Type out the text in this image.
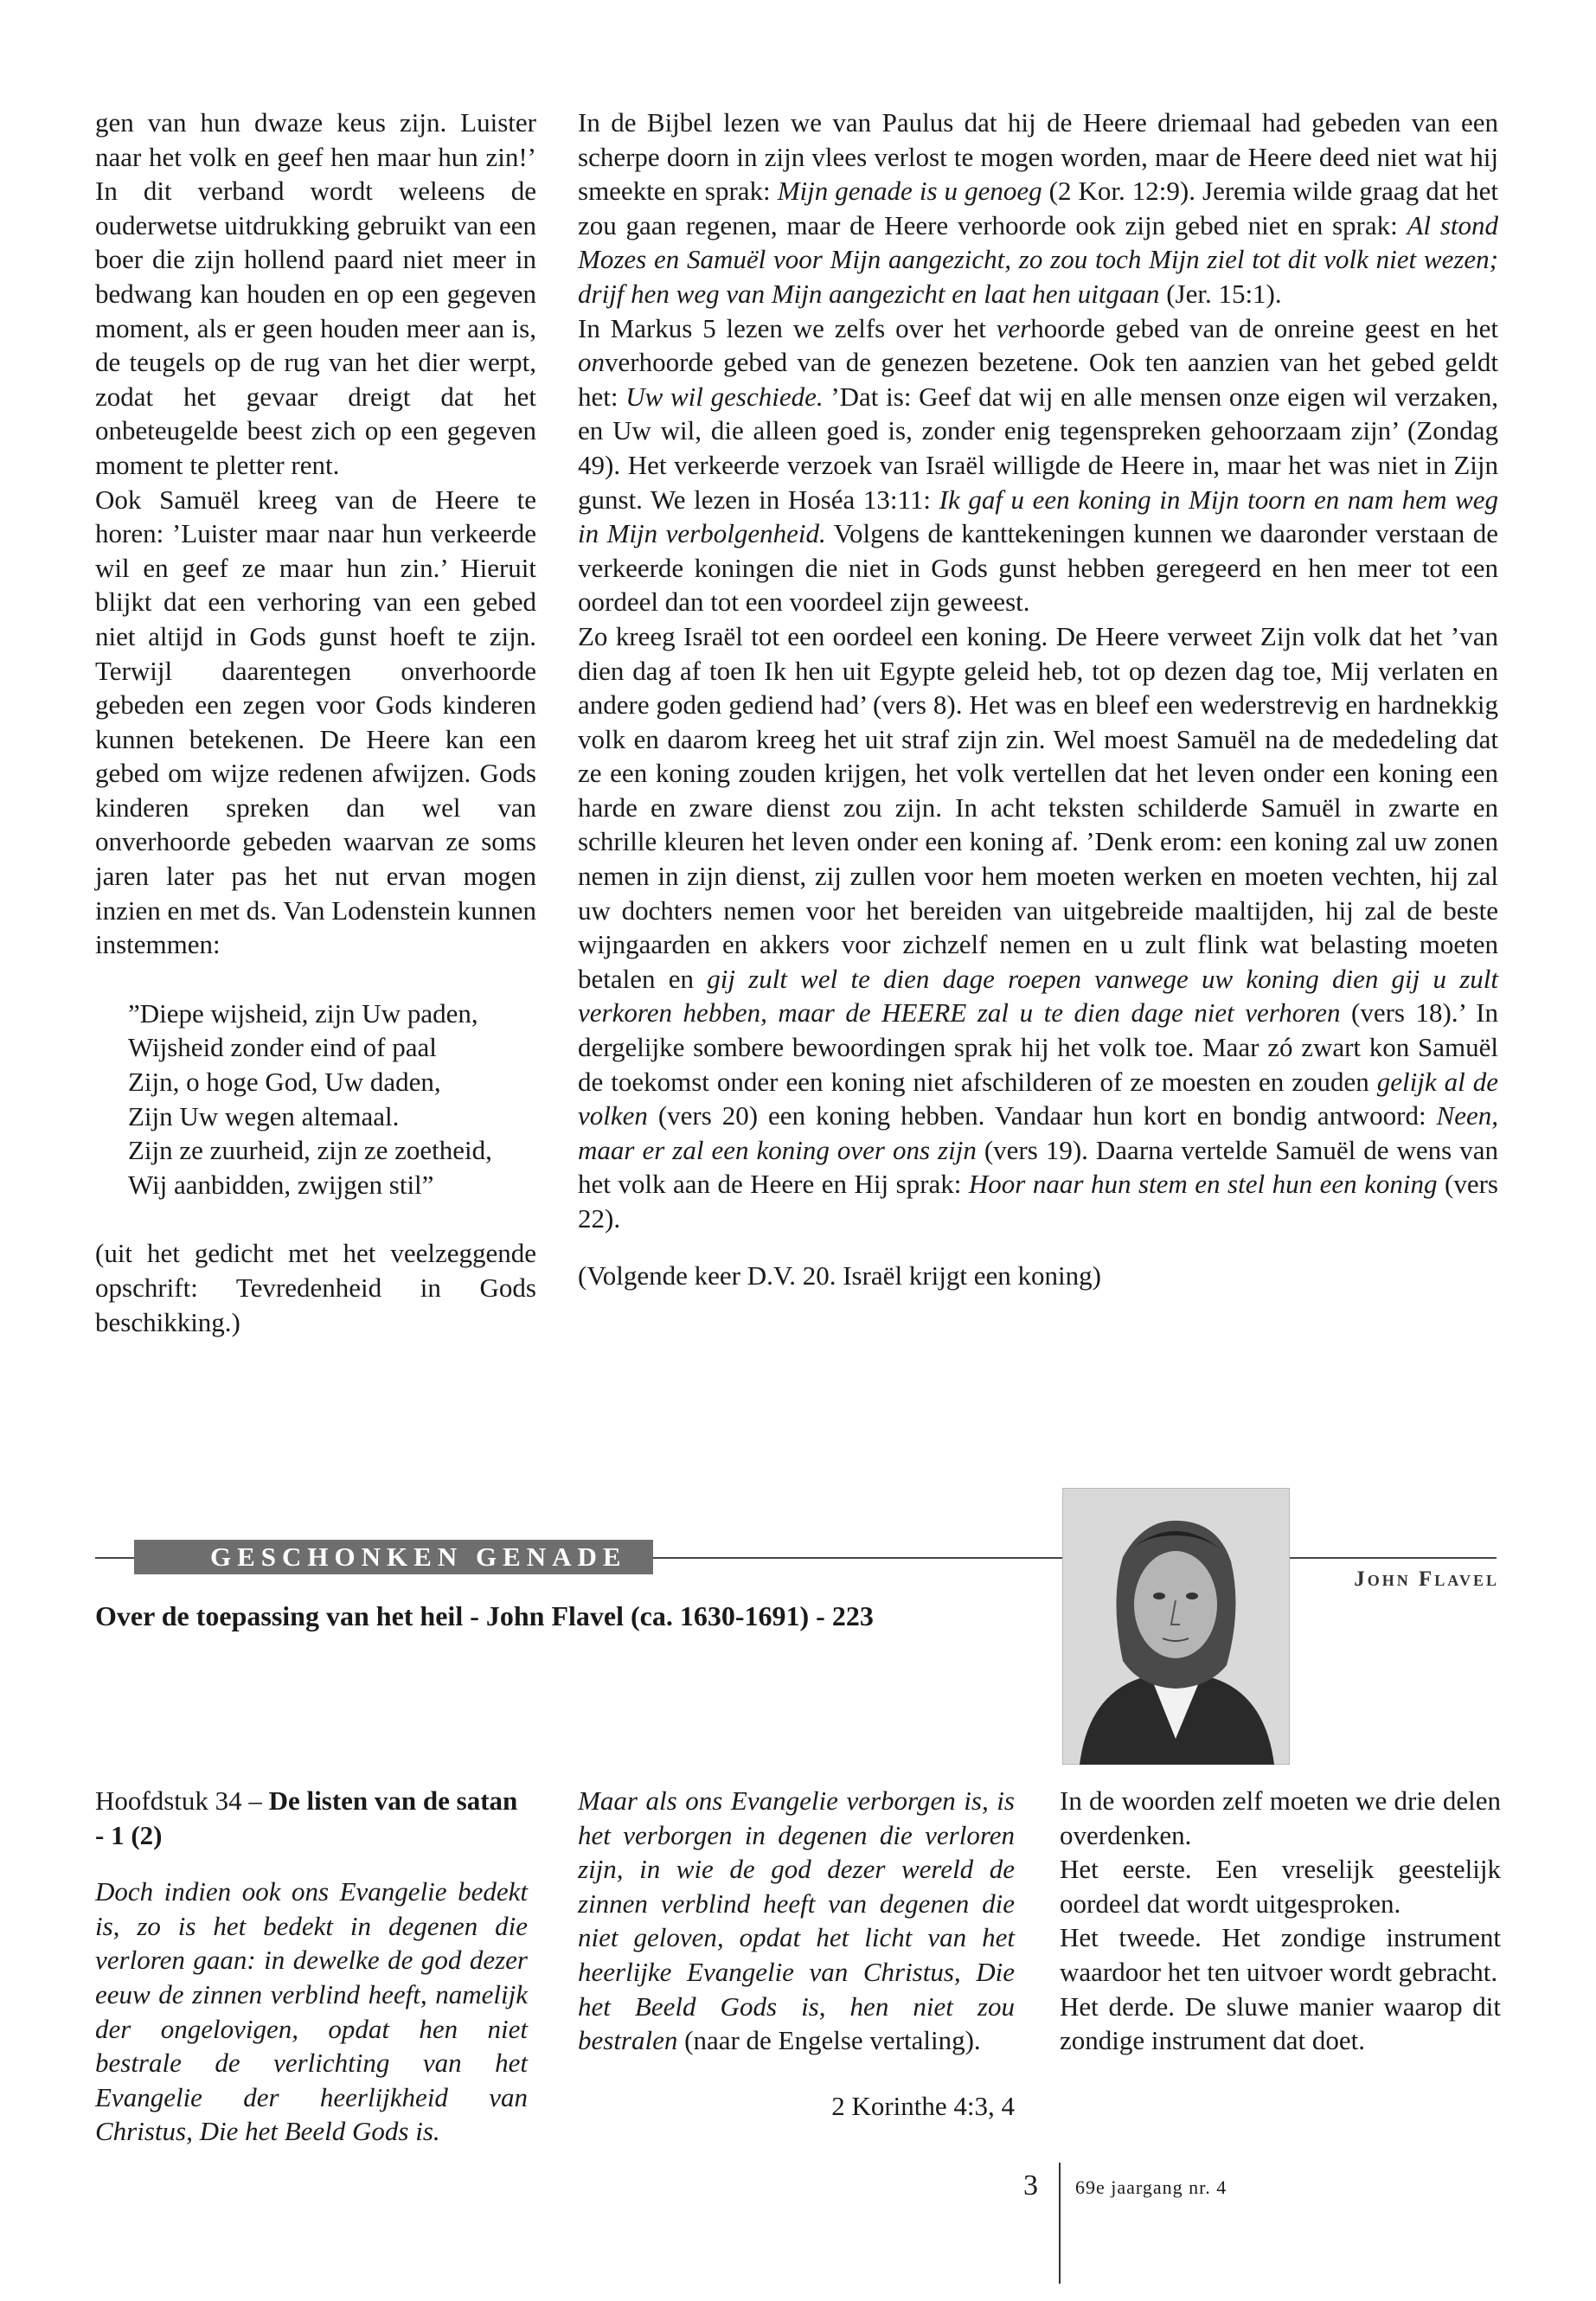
gen van hun dwaze keus zijn. Luister naar het volk en geef hen maar hun zin!’ In dit verband wordt weleens de ouderwetse uitdrukking gebruikt van een boer die zijn hollend paard niet meer in bedwang kan houden en op een gegeven moment, als er geen houden meer aan is, de teugels op de rug van het dier werpt, zodat het gevaar dreigt dat het onbeteugelde beest zich op een gegeven moment te pletter rent.

Ook Samuël kreeg van de Heere te horen: ’Luister maar naar hun verkeerde wil en geef ze maar hun zin.’ Hieruit blijkt dat een verhoring van een gebed niet altijd in Gods gunst hoeft te zijn. Terwijl daarentegen onverhoorde gebeden een zegen voor Gods kinderen kunnen betekenen. De Heere kan een gebed om wijze redenen afwijzen. Gods kinderen spreken dan wel van onverhoorde gebeden waarvan ze soms jaren later pas het nut ervan mogen inzien en met ds. Van Lodenstein kunnen instemmen:

”Diepe wijsheid, zijn Uw paden,
Wijsheid zonder eind of paal
Zijn, o hoge God, Uw daden,
Zijn Uw wegen altemaal.
Zijn ze zuurheid, zijn ze zoetheid,
Wij aanbidden, zwijgen stil”

(uit het gedicht met het veelzeggende opschrift: Tevredenheid in Gods beschikking.)

In de Bijbel lezen we van Paulus dat hij de Heere driemaal had gebeden van een scherpe doorn in zijn vlees verlost te mogen worden, maar de Heere deed niet wat hij smeekte en sprak: Mijn genade is u genoeg (2 Kor. 12:9). Jeremia wilde graag dat het zou gaan regenen, maar de Heere verhoorde ook zijn gebed niet en sprak: Al stond Mozes en Samuël voor Mijn aangezicht, zo zou toch Mijn ziel tot dit volk niet wezen; drijf hen weg van Mijn aangezicht en laat hen uitgaan (Jer. 15:1).

In Markus 5 lezen we zelfs over het verhoorde gebed van de onreine geest en het onverhoorde gebed van de genezen bezetene. Ook ten aanzien van het gebed geldt het: Uw wil geschiede. ’Dat is: Geef dat wij en alle mensen onze eigen wil verzaken, en Uw wil, die alleen goed is, zonder enig tegenspreken gehoorzaam zijn’ (Zondag 49). Het verkeerde verzoek van Israël willigde de Heere in, maar het was niet in Zijn gunst. We lezen in Hoséa 13:11: Ik gaf u een koning in Mijn toorn en nam hem weg in Mijn verbolgenheid. Volgens de kanttekeningen kunnen we daaronder verstaan de verkeerde koningen die niet in Gods gunst hebben geregeerd en hen meer tot een oordeel dan tot een voordeel zijn geweest.

Zo kreeg Israël tot een oordeel een koning. De Heere verweet Zijn volk dat het ’van dien dag af toen Ik hen uit Egypte geleid heb, tot op dezen dag toe, Mij verlaten en andere goden gediend had’ (vers 8). Het was en bleef een wederstrevig en hardnekkig volk en daarom kreeg het uit straf zijn zin. Wel moest Samuël na de mededeling dat ze een koning zouden krijgen, het volk vertellen dat het leven onder een koning een harde en zware dienst zou zijn. In acht teksten schilderde Samuël in zwarte en schrille kleuren het leven onder een koning af. ’Denk erom: een koning zal uw zonen nemen in zijn dienst, zij zullen voor hem moeten werken en moeten vechten, hij zal uw dochters nemen voor het bereiden van uitgebreide maaltijden, hij zal de beste wijngaarden en akkers voor zichzelf nemen en u zult flink wat belasting moeten betalen en gij zult wel te dien dage roepen vanwege uw koning dien gij u zult verkoren hebben, maar de HEERE zal u te dien dage niet verhoren (vers 18).’ In dergelijke sombere bewoordingen sprak hij het volk toe. Maar zó zwart kon Samuël de toekomst onder een koning niet afschilderen of ze moesten en zouden gelijk al de volken (vers 20) een koning hebben. Vandaar hun kort en bondig antwoord: Neen, maar er zal een koning over ons zijn (vers 19). Daarna vertelde Samuël de wens van het volk aan de Heere en Hij sprak: Hoor naar hun stem en stel hun een koning (vers 22).

(Volgende keer D.V. 20. Israël krijgt een koning)

GESCHONKEN GENADE
John Flavel
Over de toepassing van het heil - John Flavel (ca. 1630-1691) - 223

Hoofdstuk 34 – De listen van de satan - 1 (2)

Doch indien ook ons Evangelie bedekt is, zo is het bedekt in degenen die verloren gaan: in dewelke de god dezer eeuw de zinnen verblind heeft, namelijk der ongelovigen, opdat hen niet bestrale de verlichting van het Evangelie der heerlijkheid van Christus, Die het Beeld Gods is.

Maar als ons Evangelie verborgen is, is het verborgen in degenen die verloren zijn, in wie de god dezer wereld de zinnen verblind heeft van degenen die niet geloven, opdat het licht van het heerlijke Evangelie van Christus, Die het Beeld Gods is, hen niet zou bestralen (naar de Engelse vertaling).

2 Korinthe 4:3, 4

In de woorden zelf moeten we drie delen overdenken.

Het eerste. Een vreselijk geestelijk oordeel dat wordt uitgesproken.

Het tweede. Het zondige instrument waardoor het ten uitvoer wordt gebracht.

Het derde. De sluwe manier waarop dit zondige instrument dat doet.

3 69e jaargang nr. 4
